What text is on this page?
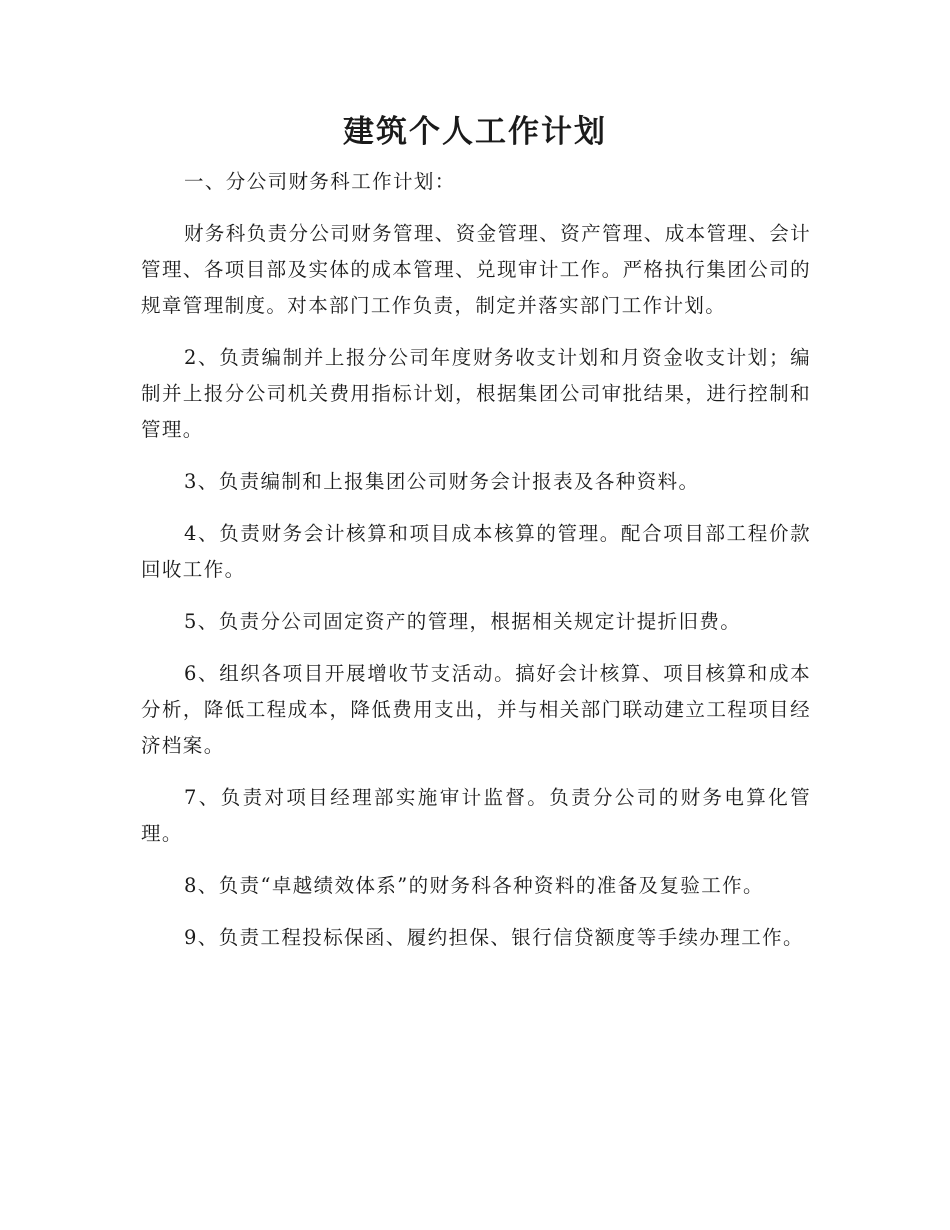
建筑个人工作计划

一、分公司财务科工作计划：

财务科负责分公司财务管理、资金管理、资产管理、成本管理、会计管理、各项目部及实体的成本管理、兑现审计工作。严格执行集团公司的规章管理制度。对本部门工作负责，制定并落实部门工作计划。

2、负责编制并上报分公司年度财务收支计划和月资金收支计划；编制并上报分公司机关费用指标计划，根据集团公司审批结果，进行控制和管理。

3、负责编制和上报集团公司财务会计报表及各种资料。

4、负责财务会计核算和项目成本核算的管理。配合项目部工程价款回收工作。

5、负责分公司固定资产的管理，根据相关规定计提折旧费。

6、组织各项目开展增收节支活动。搞好会计核算、项目核算和成本分析，降低工程成本，降低费用支出，并与相关部门联动建立工程项目经济档案。

7、负责对项目经理部实施审计监督。负责分公司的财务电算化管理。

8、负责“卓越绩效体系”的财务科各种资料的准备及复验工作。

9、负责工程投标保函、履约担保、银行信贷额度等手续办理工作。
